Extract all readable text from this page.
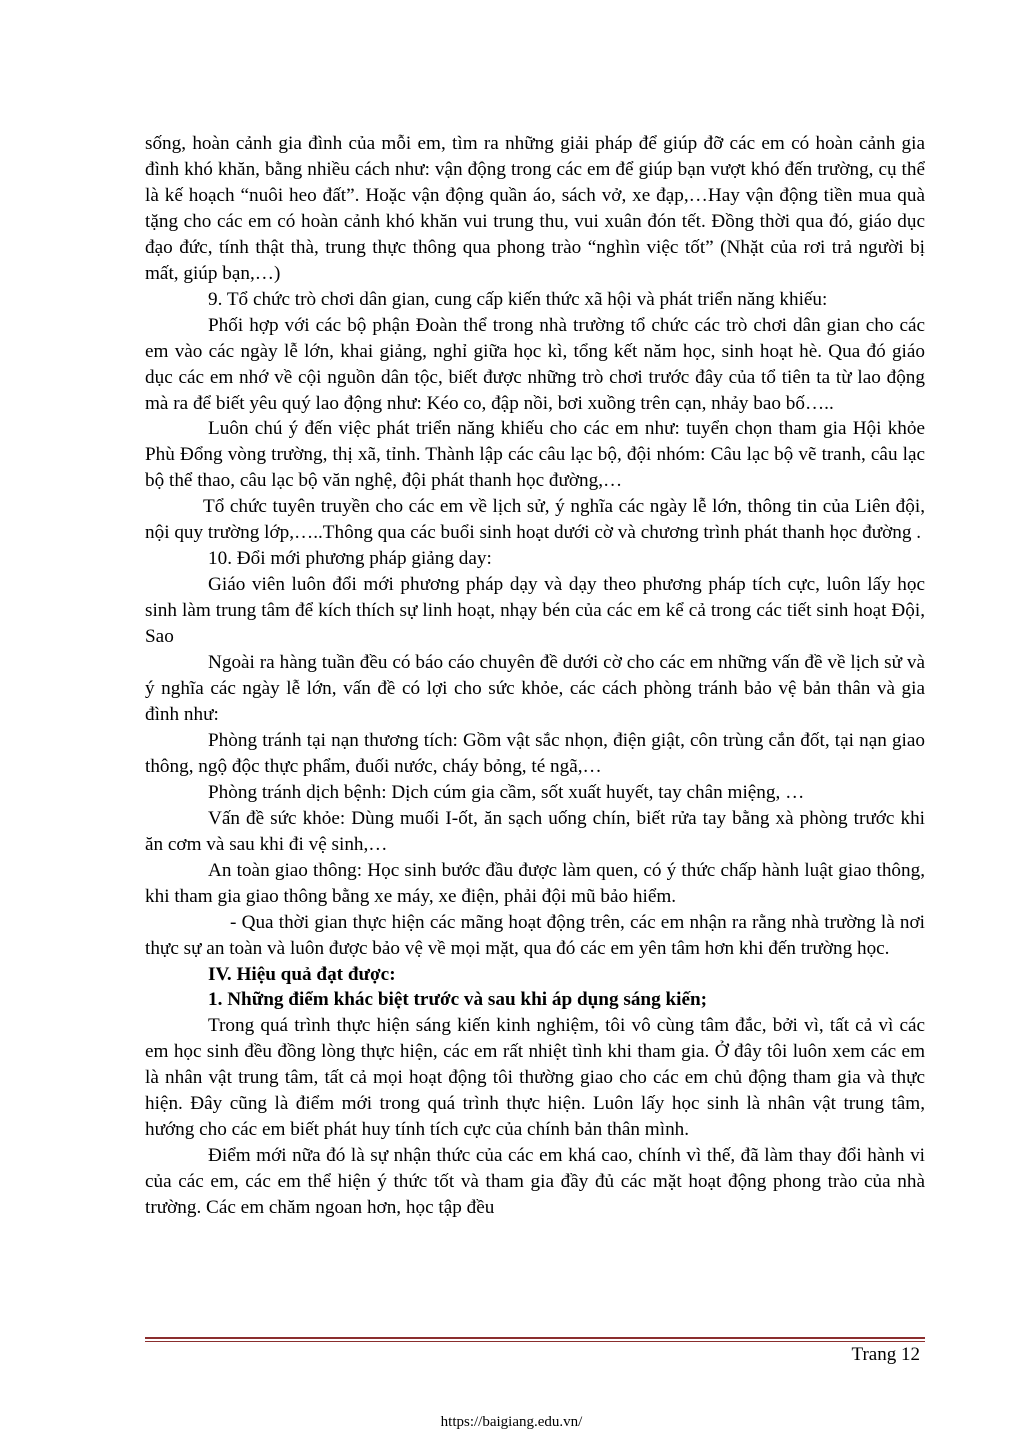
sống, hoàn cảnh gia đình của mỗi em, tìm ra những giải pháp để giúp đỡ các em có hoàn cảnh gia đình khó khăn, bằng nhiều cách như: vận động trong các em để giúp bạn vượt khó đến trường, cụ thể là kế hoạch “nuôi heo đất”. Hoặc vận động quần áo, sách vở, xe đạp,…Hay vận động tiền mua quà tặng cho các em có hoàn cảnh khó khăn vui trung thu, vui xuân đón tết. Đồng thời qua đó, giáo dục đạo đức, tính thật thà, trung thực thông qua phong trào “nghìn việc tốt” (Nhặt của rơi trả người bị mất, giúp bạn,…)

9. Tổ chức trò chơi dân gian, cung cấp kiến thức xã hội và phát triển năng khiếu:

Phối hợp với các bộ phận Đoàn thể trong nhà trường tổ chức các trò chơi dân gian cho các em vào các ngày lễ lớn, khai giảng, nghỉ giữa học kì, tổng kết năm học, sinh hoạt hè. Qua đó giáo dục các em nhớ về cội nguồn dân tộc, biết được những trò chơi trước đây của tổ tiên ta từ lao động mà ra để biết yêu quý lao động như: Kéo co, đập nồi, bơi xuồng trên cạn, nhảy bao bố…..

Luôn chú ý đến việc phát triển năng khiếu cho các em như: tuyển chọn tham gia Hội khỏe Phù Đổng vòng trường, thị xã, tỉnh. Thành lập các câu lạc bộ, đội nhóm: Câu lạc bộ vẽ tranh, câu lạc bộ thể thao, câu lạc bộ văn nghệ, đội phát thanh học đường,…

Tổ chức tuyên truyền cho các em về lịch sử, ý nghĩa các ngày lễ lớn, thông tin của Liên đội, nội quy trường lớp,…..Thông qua các buổi sinh hoạt dưới cờ và chương trình phát thanh học đường .

10. Đổi mới phương pháp giảng day:

Giáo viên luôn đổi mới phương pháp dạy và dạy theo phương pháp tích cực, luôn lấy học sinh làm trung tâm để kích thích sự linh hoạt, nhạy bén của các em kể cả trong các tiết sinh hoạt Đội, Sao

Ngoài ra hàng tuần đều có báo cáo chuyên đề dưới cờ cho các em những vấn đề về lịch sử và ý nghĩa các ngày lễ lớn, vấn đề có lợi cho sức khỏe, các cách phòng tránh bảo vệ bản thân và gia đình như:

Phòng tránh tại nạn thương tích: Gồm vật sắc nhọn, điện giật, côn trùng cắn đốt, tại nạn giao thông, ngộ độc thực phẩm, đuối nước, cháy bỏng, té ngã,…

Phòng tránh dịch bệnh: Dịch cúm gia cầm, sốt xuất huyết, tay chân miệng, …

Vấn đề sức khỏe: Dùng muối I-ốt, ăn sạch uống chín, biết rửa tay bằng xà phòng trước khi ăn cơm và sau khi đi vệ sinh,…

An toàn giao thông: Học sinh bước đầu được làm quen, có ý thức chấp hành luật giao thông, khi tham gia giao thông bằng xe máy, xe điện, phải đội mũ bảo hiểm.

- Qua thời gian thực hiện các mãng hoạt động trên, các em nhận ra rằng nhà trường là nơi thực sự an toàn và luôn được bảo vệ về mọi mặt, qua đó các em yên tâm hơn khi đến trường học.

IV. Hiệu quả đạt được:

1. Những điểm khác biệt trước và sau khi áp dụng sáng kiến;

Trong quá trình thực hiện sáng kiến kinh nghiệm, tôi vô cùng tâm đắc, bởi vì, tất cả vì các em học sinh đều đồng lòng thực hiện, các em rất nhiệt tình khi tham gia. Ở đây tôi luôn xem các em là nhân vật trung tâm, tất cả mọi hoạt động tôi thường giao cho các em chủ động tham gia và thực hiện. Đây cũng là điểm mới trong quá trình thực hiện. Luôn lấy học sinh là nhân vật trung tâm, hướng cho các em biết phát huy tính tích cực của chính bản thân mình.

Điểm mới nữa đó là sự nhận thức của các em khá cao, chính vì thế, đã làm thay đổi hành vi của các em, các em thể hiện ý thức tốt và tham gia đầy đủ các mặt hoạt động phong trào của nhà trường. Các em chăm ngoan hơn, học tập đều

Trang 12
https://baigiang.edu.vn/
